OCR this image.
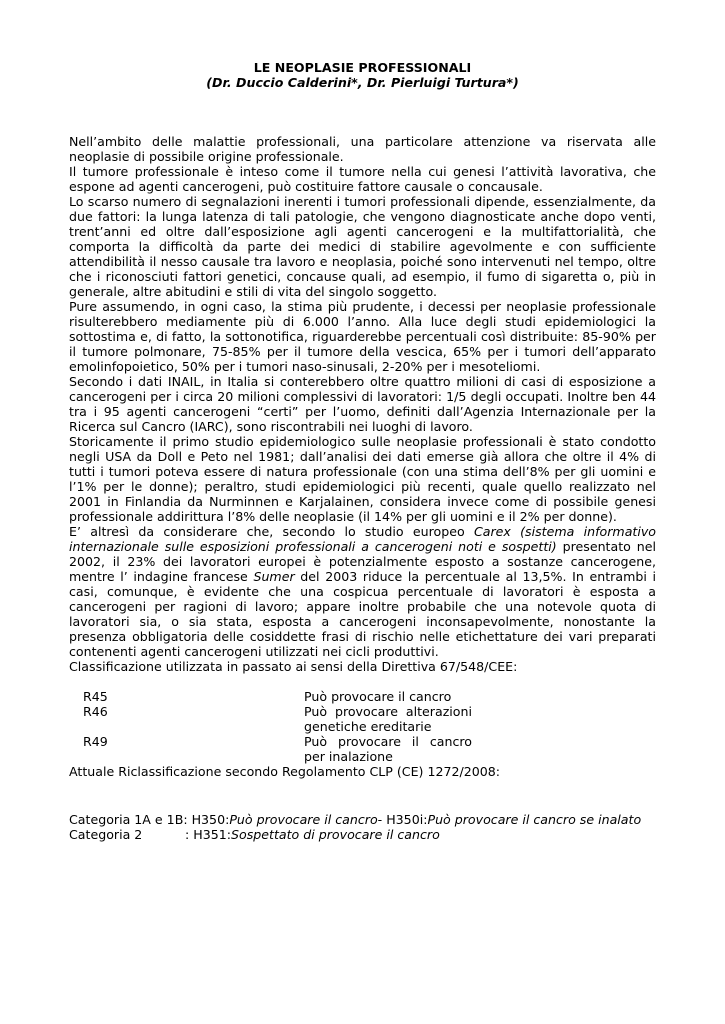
LE NEOPLASIE PROFESSIONALI
(Dr. Duccio Calderini*, Dr. Pierluigi Turtura*)

Nell’ambito delle malattie professionali, una particolare attenzione va riservata alle neoplasie di possibile origine professionale.

Il tumore professionale è inteso come il tumore nella cui genesi l’attività lavorativa, che espone ad agenti cancerogeni, può costituire fattore causale o concausale.

Lo scarso numero di segnalazioni inerenti i tumori professionali dipende, essenzialmente, da due fattori: la lunga latenza di tali patologie, che vengono diagnosticate anche dopo venti, trent’anni ed oltre dall’esposizione agli agenti cancerogeni e la multifattorialità, che comporta la difficoltà da parte dei medici di stabilire agevolmente e con sufficiente attendibilità il nesso causale tra lavoro e neoplasia, poiché sono intervenuti nel tempo, oltre che i riconosciuti fattori genetici, concause quali, ad esempio, il fumo di sigaretta o, più in generale, altre abitudini e stili di vita del singolo soggetto.

Pure assumendo, in ogni caso, la stima più prudente, i decessi per neoplasie professionale risulterebbero mediamente più di 6.000 l’anno. Alla luce degli studi epidemiologici la sottostima e, di fatto, la sottonotifica, riguarderebbe percentuali così distribuite: 85-90% per il tumore polmonare, 75-85% per il tumore della vescica, 65% per i tumori dell’apparato emolinfopoietico, 50% per i tumori naso-sinusali, 2-20% per i mesoteliomi.

Secondo i dati INAIL, in Italia si conterebbero oltre quattro milioni di casi di esposizione a cancerogeni per i circa 20 milioni complessivi di lavoratori: 1/5 degli occupati. Inoltre ben 44 tra i 95 agenti cancerogeni “certi” per l’uomo, definiti dall’Agenzia Internazionale per la Ricerca sul Cancro (IARC), sono riscontrabili nei luoghi di lavoro.

Storicamente il primo studio epidemiologico sulle neoplasie professionali è stato condotto negli USA da Doll e Peto nel 1981; dall’analisi dei dati emerse già allora che oltre il 4% di tutti i tumori poteva essere di natura professionale (con una stima dell’8% per gli uomini e l’1% per le donne); peraltro, studi epidemiologici più recenti, quale quello realizzato nel 2001 in Finlandia da Nurminnen e Karjalainen, considera invece come di possibile genesi professionale addirittura l’8% delle neoplasie (il 14% per gli uomini e il 2% per donne).

E’ altresì da considerare che, secondo lo studio europeo Carex (sistema informativo internazionale sulle esposizioni professionali a cancerogeni noti e sospetti) presentato nel 2002, il 23% dei lavoratori europei è potenzialmente esposto a sostanze cancerogene, mentre l’ indagine francese Sumer del 2003 riduce la percentuale al 13,5%. In entrambi i casi, comunque, è evidente che una cospicua percentuale di lavoratori è esposta a cancerogeni per ragioni di lavoro; appare inoltre probabile che una notevole quota di lavoratori sia, o sia stata, esposta a cancerogeni inconsapevolmente, nonostante la presenza obbligatoria delle cosiddette frasi di rischio nelle etichettature dei vari preparati contenenti agenti cancerogeni utilizzati nei cicli produttivi.

Classificazione utilizzata in passato ai sensi della Direttiva 67/548/CEE:

R45	Può provocare il cancro
R46	Può provocare alterazioni genetiche ereditarie
R49	Può provocare il cancro per inalazione

Attuale Riclassificazione secondo Regolamento CLP (CE) 1272/2008:

Categoria 1A e 1B : H350: Può provocare il cancro - H350i: Può provocare il cancro se inalato
Categoria 2	: H351: Sospettato di provocare il cancro
